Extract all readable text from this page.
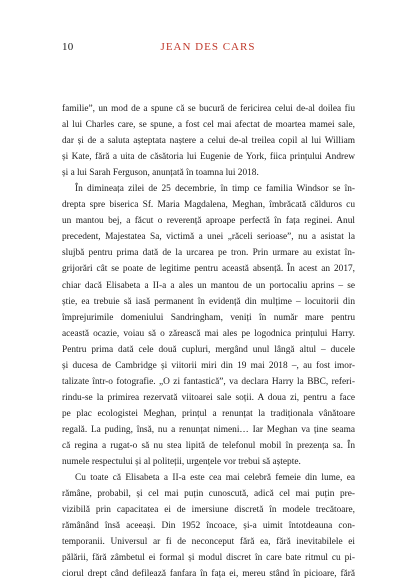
10	JEAN DES CARS
familie”, un mod de a spune că se bucură de fericirea celui de-al doilea fiu
al lui Charles care, se spune, a fost cel mai afectat de moartea mamei sale,
dar și de a saluta așteptata naștere a celui de-al treilea copil al lui William
și Kate, fără a uita de căsătoria lui Eugenie de York, fiica prințului Andrew
și a lui Sarah Ferguson, anunțată în toamna lui 2018.
În dimineața zilei de 25 decembrie, în timp ce familia Windsor se în-
drepta spre biserica Sf. Maria Magdalena, Meghan, îmbrăcată călduros cu
un mantou bej, a făcut o reverență aproape perfectă în fața reginei. Anul
precedent, Majestatea Sa, victimă a unei „răceli serioase”, nu a asistat la
slujbă pentru prima dată de la urcarea pe tron. Prin urmare au existat în-
grijorări cât se poate de legitime pentru această absență. În acest an 2017,
chiar dacă Elisabeta a II-a a ales un mantou de un portocaliu aprins – se
știe, ea trebuie să iasă permanent în evidență din mulțime – locuitorii din
împrejurimile domeniului Sandringham, veniți în număr mare pentru
această ocazie, voiau să o zărească mai ales pe logodnica prințului Harry.
Pentru prima dată cele două cupluri, mergând unul lângă altul – ducele
și ducesa de Cambridge și viitorii miri din 19 mai 2018 –, au fost imor-
talizate într-o fotografie. „O zi fantastică”, va declara Harry la BBC, referi-
rindu-se la primirea rezervată viitoarei sale soții. A doua zi, pentru a face
pe plac ecologistei Meghan, prințul a renunțat la tradiționala vânătoare
regală. La puding, însă, nu a renunțat nimeni… Iar Meghan va ține seama
că regina a rugat-o să nu stea lipită de telefonul mobil în prezența sa. În
numele respectului și al politeții, urgențele vor trebui să aștepte.
Cu toate că Elisabeta a II-a este cea mai celebră femeie din lume, ea
rămâne, probabil, și cel mai puțin cunoscută, adică cel mai puțin pre-
vizibilă prin capacitatea ei de imersiune discretă în modele trecătoare,
rămânând însă aceeași. Din 1952 încoace, și-a uimit întotdeauna con-
temporanii. Universul ar fi de neconceput fără ea, fără inevitabilele ei
pălării, fără zâmbetul ei formal și modul discret în care bate ritmul cu pi-
ciorul drept când defilează fanfara în fața ei, mereu stând în picioare, fără
